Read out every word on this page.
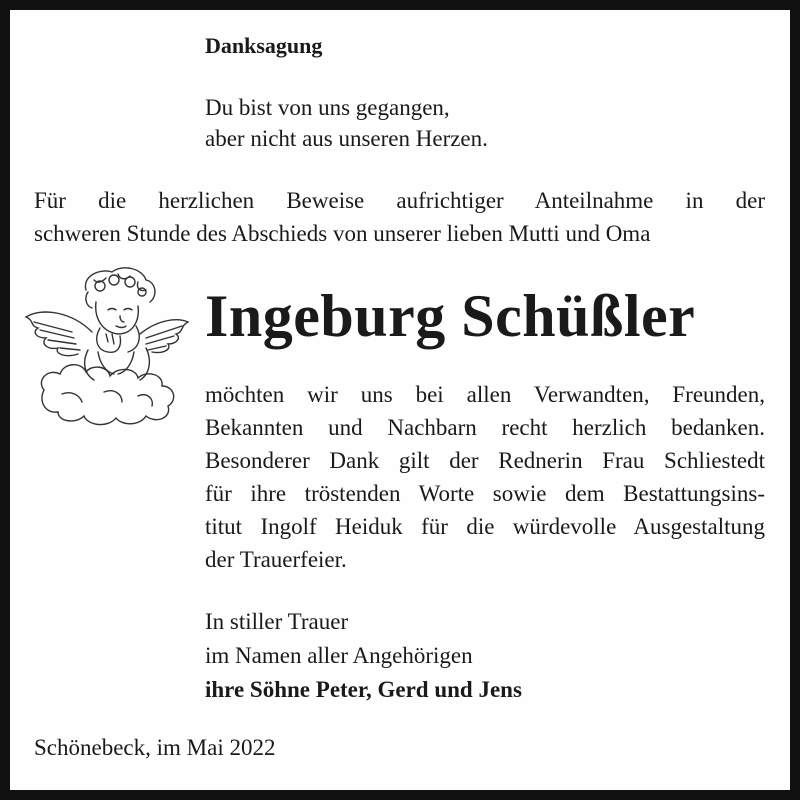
Danksagung
Du bist von uns gegangen,
aber nicht aus unseren Herzen.
Für die herzlichen Beweise aufrichtiger Anteilnahme in der
schweren Stunde des Abschieds von unserer lieben Mutti und Oma
Ingeburg Schüßler
möchten wir uns bei allen Verwandten, Freunden,
Bekannten und Nachbarn recht herzlich bedanken.
Besonderer Dank gilt der Rednerin Frau Schliestedt
für ihre tröstenden Worte sowie dem Bestattungsins-
titut Ingolf Heiduk für die würdevolle Ausgestaltung
der Trauerfeier.
In stiller Trauer
im Namen aller Angehörigen
ihre Söhne Peter, Gerd und Jens
Schönebeck, im Mai 2022
